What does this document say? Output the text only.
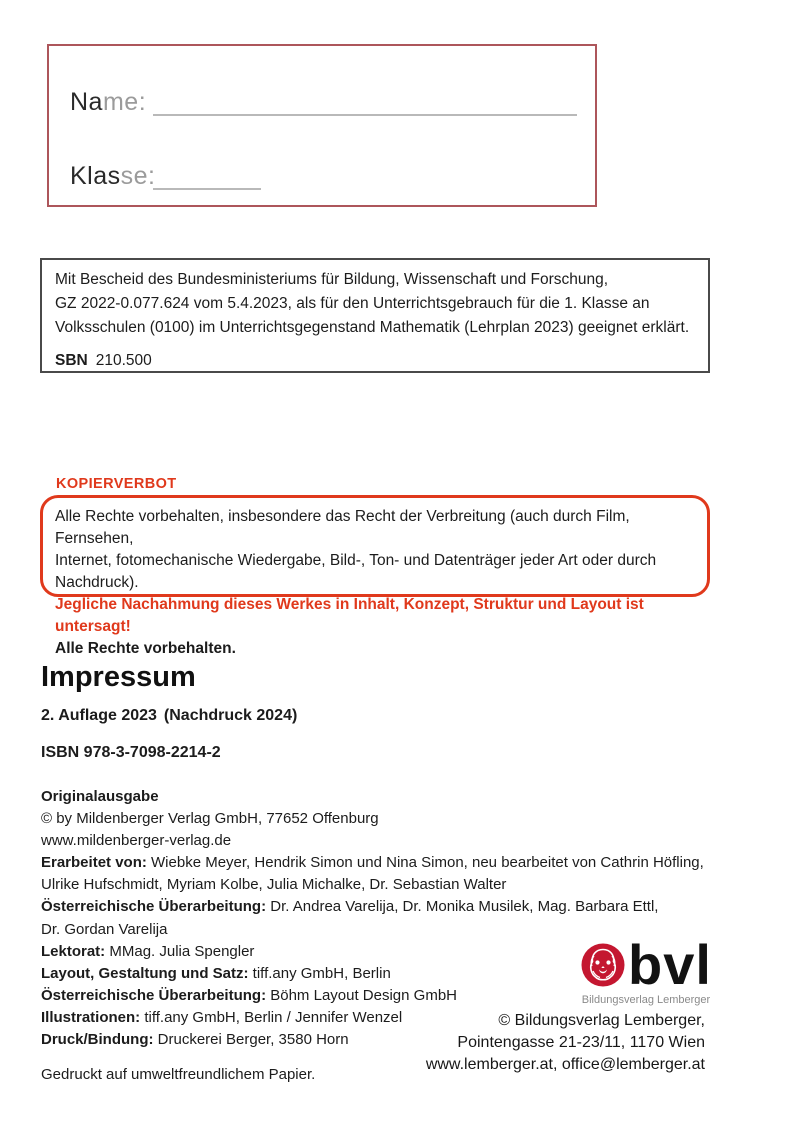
Name:
Klasse:
Mit Bescheid des Bundesministeriums für Bildung, Wissenschaft und Forschung,
GZ 2022-0.077.624 vom 5.4.2023, als für den Unterrichtsgebrauch für die 1. Klasse an
Volksschulen (0100) im Unterrichtsgegenstand Mathematik (Lehrplan 2023) geeignet erklärt.
SBN 210.500
KOPIERVERBOT
Alle Rechte vorbehalten, insbesondere das Recht der Verbreitung (auch durch Film, Fernsehen,
Internet, fotomechanische Wiedergabe, Bild-, Ton- und Datenträger jeder Art oder durch Nachdruck).
Jegliche Nachahmung dieses Werkes in Inhalt, Konzept, Struktur und Layout ist untersagt!
Alle Rechte vorbehalten.
Impressum
2. Auflage 2023 (Nachdruck 2024)
ISBN 978-3-7098-2214-2
Originalausgabe
© by Mildenberger Verlag GmbH, 77652 Offenburg
www.mildenberger-verlag.de
Erarbeitet von: Wiebke Meyer, Hendrik Simon und Nina Simon, neu bearbeitet von Cathrin Höfling,
Ulrike Hufschmidt, Myriam Kolbe, Julia Michalke, Dr. Sebastian Walter
Österreichische Überarbeitung: Dr. Andrea Varelija, Dr. Monika Musilek, Mag. Barbara Ettl,
Dr. Gordan Varelija
Lektorat: MMag. Julia Spengler
Layout, Gestaltung und Satz: tiff.any GmbH, Berlin
Österreichische Überarbeitung: Böhm Layout Design GmbH
Illustrationen: tiff.any GmbH, Berlin / Jennifer Wenzel
Druck/Bindung: Druckerei Berger, 3580 Horn
Gedruckt auf umweltfreundlichem Papier.
bvl
Bildungsverlag Lemberger
© Bildungsverlag Lemberger,
Pointengasse 21-23/11, 1170 Wien
www.lemberger.at, office@lemberger.at
